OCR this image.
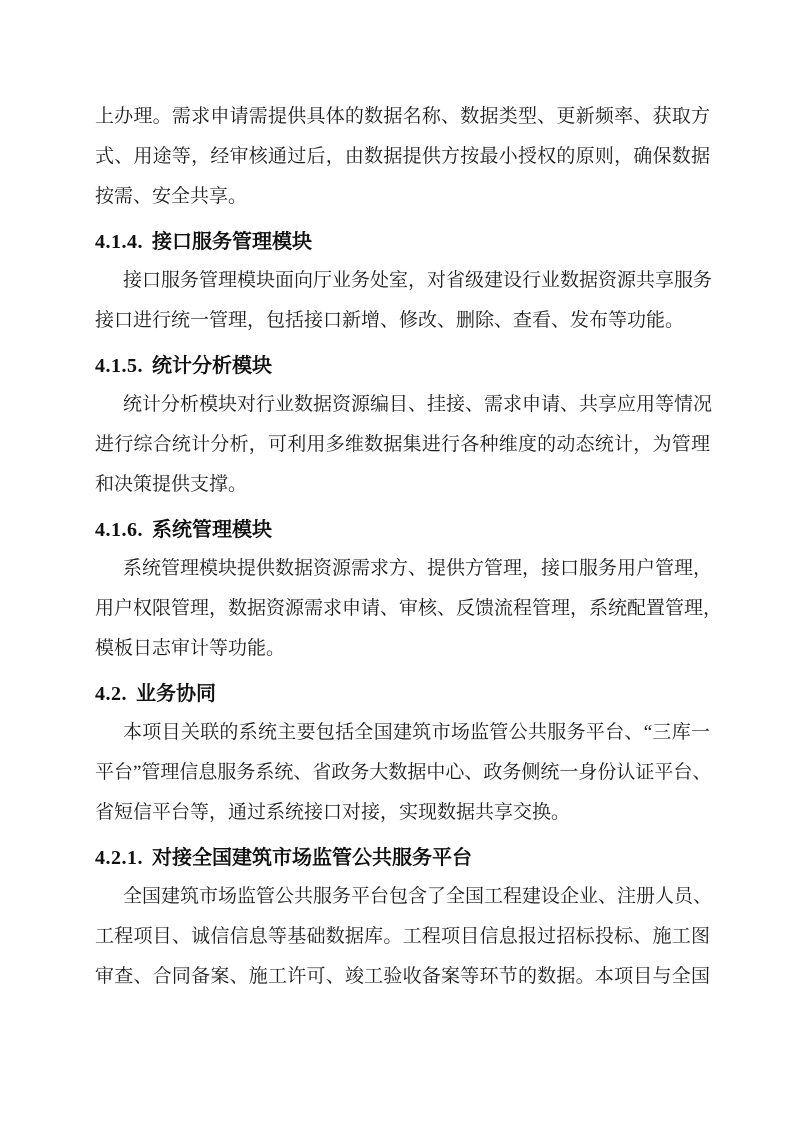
上办理。需求申请需提供具体的数据名称、数据类型、更新频率、获取方
式、用途等，经审核通过后，由数据提供方按最小授权的原则，确保数据
按需、安全共享。
4.1.4. 接口服务管理模块
接口服务管理模块面向厅业务处室，对省级建设行业数据资源共享服务
接口进行统一管理，包括接口新增、修改、删除、查看、发布等功能。
4.1.5. 统计分析模块
统计分析模块对行业数据资源编目、挂接、需求申请、共享应用等情况
进行综合统计分析，可利用多维数据集进行各种维度的动态统计，为管理
和决策提供支撑。
4.1.6. 系统管理模块
系统管理模块提供数据资源需求方、提供方管理，接口服务用户管理，
用户权限管理，数据资源需求申请、审核、反馈流程管理，系统配置管理，
模板日志审计等功能。
4.2. 业务协同
本项目关联的系统主要包括全国建筑市场监管公共服务平台、“三库一
平台”管理信息服务系统、省政务大数据中心、政务侧统一身份认证平台、
省短信平台等，通过系统接口对接，实现数据共享交换。
4.2.1. 对接全国建筑市场监管公共服务平台
全国建筑市场监管公共服务平台包含了全国工程建设企业、注册人员、
工程项目、诚信信息等基础数据库。工程项目信息报过招标投标、施工图
审查、合同备案、施工许可、竣工验收备案等环节的数据。本项目与全国
